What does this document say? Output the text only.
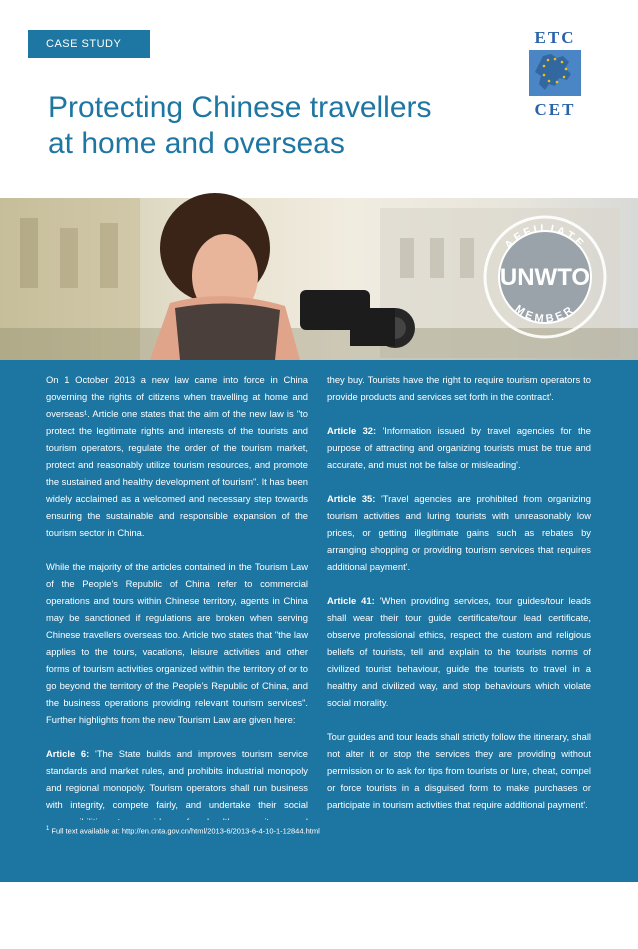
CASE STUDY
Protecting Chinese travellers
at home and overseas
ETC
CET
AFFILIATE
UNWTO
MEMBER

On 1 October 2013 a new law came into force in China governing the rights of citizens when travelling at home and overseas¹. Article one states that the aim of the new law is "to protect the legitimate rights and interests of the tourists and tourism operators, regulate the order of the tourism market, protect and reasonably utilize tourism resources, and promote the sustained and healthy development of tourism". It has been widely acclaimed as a welcomed and necessary step towards ensuring the sustainable and responsible expansion of the tourism sector in China.

While the majority of the articles contained in the Tourism Law of the People's Republic of China refer to commercial operations and tours within Chinese territory, agents in China may be sanctioned if regulations are broken when serving Chinese travellers overseas too. Article two states that "the law applies to the tours, vacations, leisure activities and other forms of tourism activities organized within the territory of or to go beyond the territory of the People's Republic of China, and the business operations providing relevant tourism services". Further highlights from the new Tourism Law are given here:

Article 6: 'The State builds and improves tourism service standards and market rules, and prohibits industrial monopoly and regional monopoly. Tourism operators shall run business with integrity, compete fairly, and undertake their social

and services independently and refuse coercive trade behaviors of tourism operators. Tourists have the right to get the true information on the tourism products and services

they buy. Tourists have the right to require tourism operators to provide products and services set forth in the contract'.

Article 32: 'Information issued by travel agencies for the purpose of attracting and organizing tourists must be true and accurate, and must not be false or misleading'.

Article 35: 'Travel agencies are prohibited from organizing tourism activities and luring tourists with unreasonably low prices, or getting illegitimate gains such as rebates by arranging shopping or providing tourism services that requires additional payment'.

Article 41: 'When providing services, tour guides/tour leads shall wear their tour guide certificate/tour lead certificate, observe professional ethics, respect the custom and religious beliefs of tourists, tell and explain to the tourists norms of civilized tourist behaviour, guide the tourists to travel in a healthy and civilized way, and stop behaviours which violate social morality.

Tour guides and tour leads shall strictly follow the itinerary, shall not alter it or stop the services they are providing without permission or to ask for tips from tourists or lure, cheat, compel or force tourists in a disguised form to make purchases or participate in tourism activities that require additional payment'.

Further information on this law is available from the China National Tourism Administration: www.cnta.gov.cn

$^1$ Full text available at: http://en.cnta.gov.cn/html/2013-6/2013-6-4-10-1-12844.html
